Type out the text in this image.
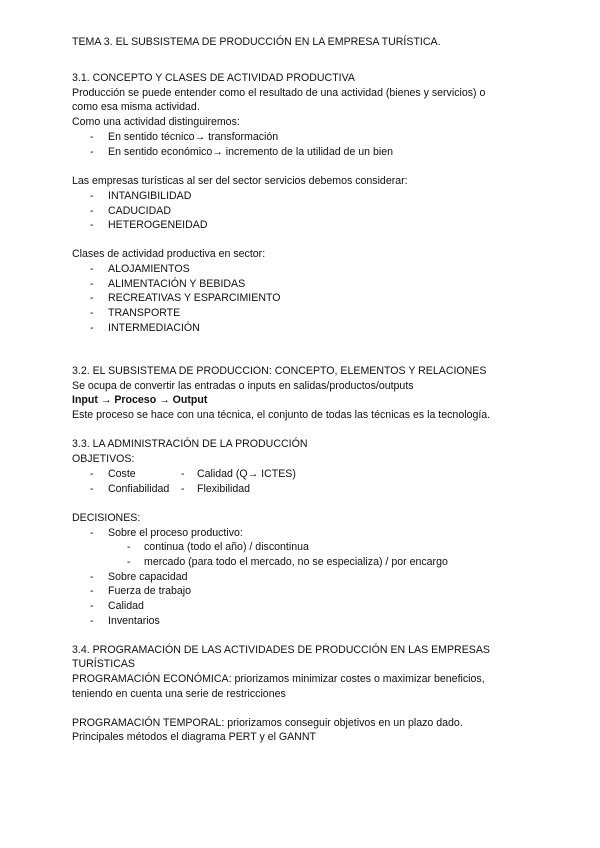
TEMA 3. EL SUBSISTEMA DE PRODUCCIÓN EN LA EMPRESA TURÍSTICA.
3.1. CONCEPTO Y CLASES DE ACTIVIDAD PRODUCTIVA
Producción se puede entender como el resultado de una actividad (bienes y servicios) o
como esa misma actividad.
Como una actividad distinguiremos:
- En sentido técnico→ transformación
- En sentido económico→ incremento de la utilidad de un bien
Las empresas turísticas al ser del sector servicios debemos considerar:
- INTANGIBILIDAD
- CADUCIDAD
- HETEROGENEIDAD
Clases de actividad productiva en sector:
- ALOJAMIENTOS
- ALIMENTACIÓN Y BEBIDAS
- RECREATIVAS Y ESPARCIMIENTO
- TRANSPORTE
- INTERMEDIACIÓN
3.2. EL SUBSISTEMA DE PRODUCCION: CONCEPTO, ELEMENTOS Y RELACIONES
Se ocupa de convertir las entradas o inputs en salidas/productos/outputs
Input → Proceso → Output
Este proceso se hace con una técnica, el conjunto de todas las técnicas es la tecnología.
3.3. LA ADMINISTRACIÓN DE LA PRODUCCIÓN
OBJETIVOS:
- Coste	- Calidad (Q→ ICTES)
- Confiabilidad - Flexibilidad
DECISIONES:
- Sobre el proceso productivo:
- continua (todo el año) / discontinua
- mercado (para todo el mercado, no se especializa) / por encargo
- Sobre capacidad
- Fuerza de trabajo
- Calidad
- Inventarios
3.4. PROGRAMACIÓN DE LAS ACTIVIDADES DE PRODUCCIÓN EN LAS EMPRESAS
TURÍSTICAS
PROGRAMACIÓN ECONÓMICA: priorizamos minimizar costes o maximizar beneficios,
teniendo en cuenta una serie de restricciones
PROGRAMACIÓN TEMPORAL: priorizamos conseguir objetivos en un plazo dado.
Principales métodos el diagrama PERT y el GANNT
